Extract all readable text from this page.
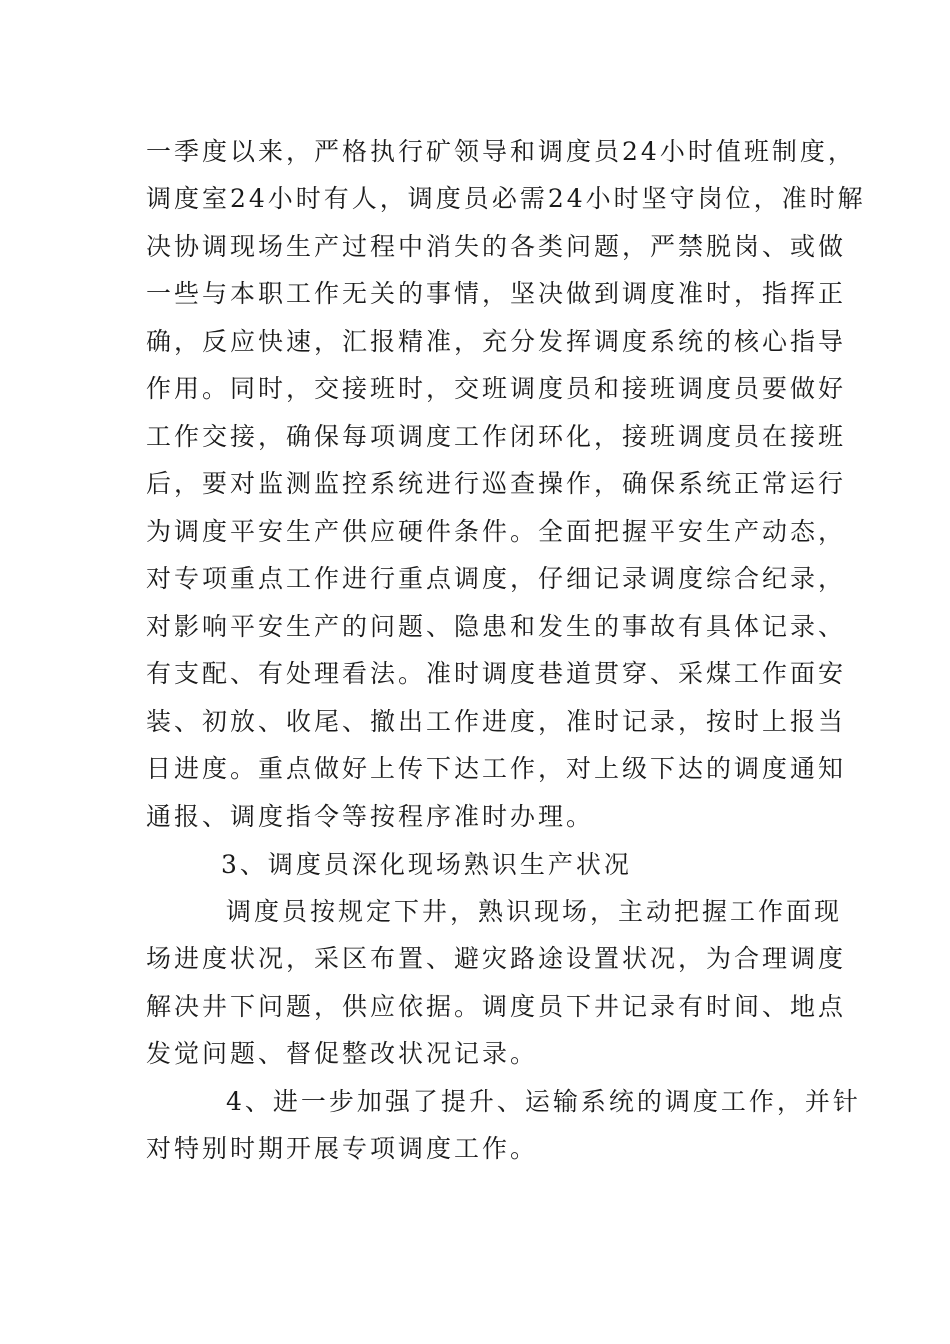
一季度以来，严格执行矿领导和调度员24小时值班制度，
调度室24小时有人，调度员必需24小时坚守岗位，准时解
决协调现场生产过程中消失的各类问题，严禁脱岗、或做
一些与本职工作无关的事情，坚决做到调度准时，指挥正
确，反应快速，汇报精准，充分发挥调度系统的核心指导
作用。同时，交接班时，交班调度员和接班调度员要做好
工作交接，确保每项调度工作闭环化，接班调度员在接班
后，要对监测监控系统进行巡查操作，确保系统正常运行
为调度平安生产供应硬件条件。全面把握平安生产动态，
对专项重点工作进行重点调度，仔细记录调度综合纪录，
对影响平安生产的问题、隐患和发生的事故有具体记录、
有支配、有处理看法。准时调度巷道贯穿、采煤工作面安
装、初放、收尾、撤出工作进度，准时记录，按时上报当
日进度。重点做好上传下达工作，对上级下达的调度通知
通报、调度指令等按程序准时办理。
3、调度员深化现场熟识生产状况
调度员按规定下井，熟识现场，主动把握工作面现
场进度状况，采区布置、避灾路途设置状况，为合理调度
解决井下问题，供应依据。调度员下井记录有时间、地点
发觉问题、督促整改状况记录。
4、进一步加强了提升、运输系统的调度工作，并针
对特别时期开展专项调度工作。
